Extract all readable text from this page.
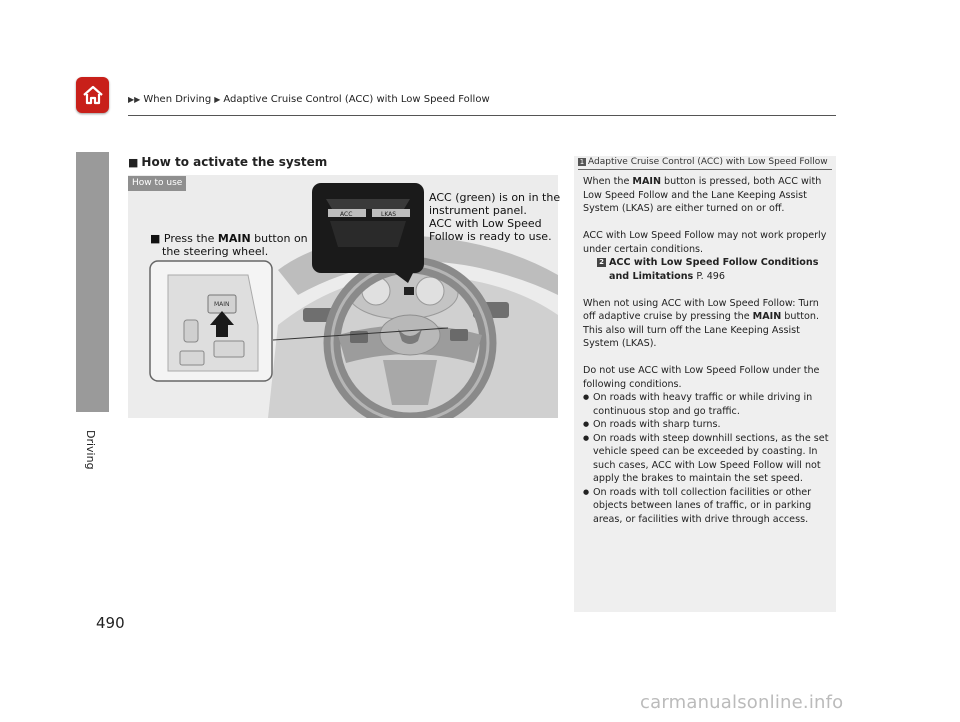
▶▶ When Driving ▶ Adaptive Cruise Control (ACC) with Low Speed Follow
Driving
490
■ How to activate the system
MAIN
ACC	LKAS
How to use
■ Press the MAIN button on
the steering wheel.
ACC (green) is on in the
instrument panel.
ACC with Low Speed
Follow is ready to use.
1 Adaptive Cruise Control (ACC) with Low Speed Follow

When the MAIN button is pressed, both ACC with Low Speed Follow and the Lane Keeping Assist System (LKAS) are either turned on or off.

ACC with Low Speed Follow may not work properly under certain conditions.

2 ACC with Low Speed Follow Conditions
and Limitations P. 496

When not using ACC with Low Speed Follow: Turn off adaptive cruise by pressing the MAIN button. This also will turn off the Lane Keeping Assist System (LKAS).

Do not use ACC with Low Speed Follow under the following conditions.

● On roads with heavy traffic or while driving in continuous stop and go traffic.
● On roads with sharp turns.
● On roads with steep downhill sections, as the set vehicle speed can be exceeded by coasting. In such cases, ACC with Low Speed Follow will not apply the brakes to maintain the set speed.
● On roads with toll collection facilities or other objects between lanes of traffic, or in parking areas, or facilities with drive through access.
carmanualsonline.info
